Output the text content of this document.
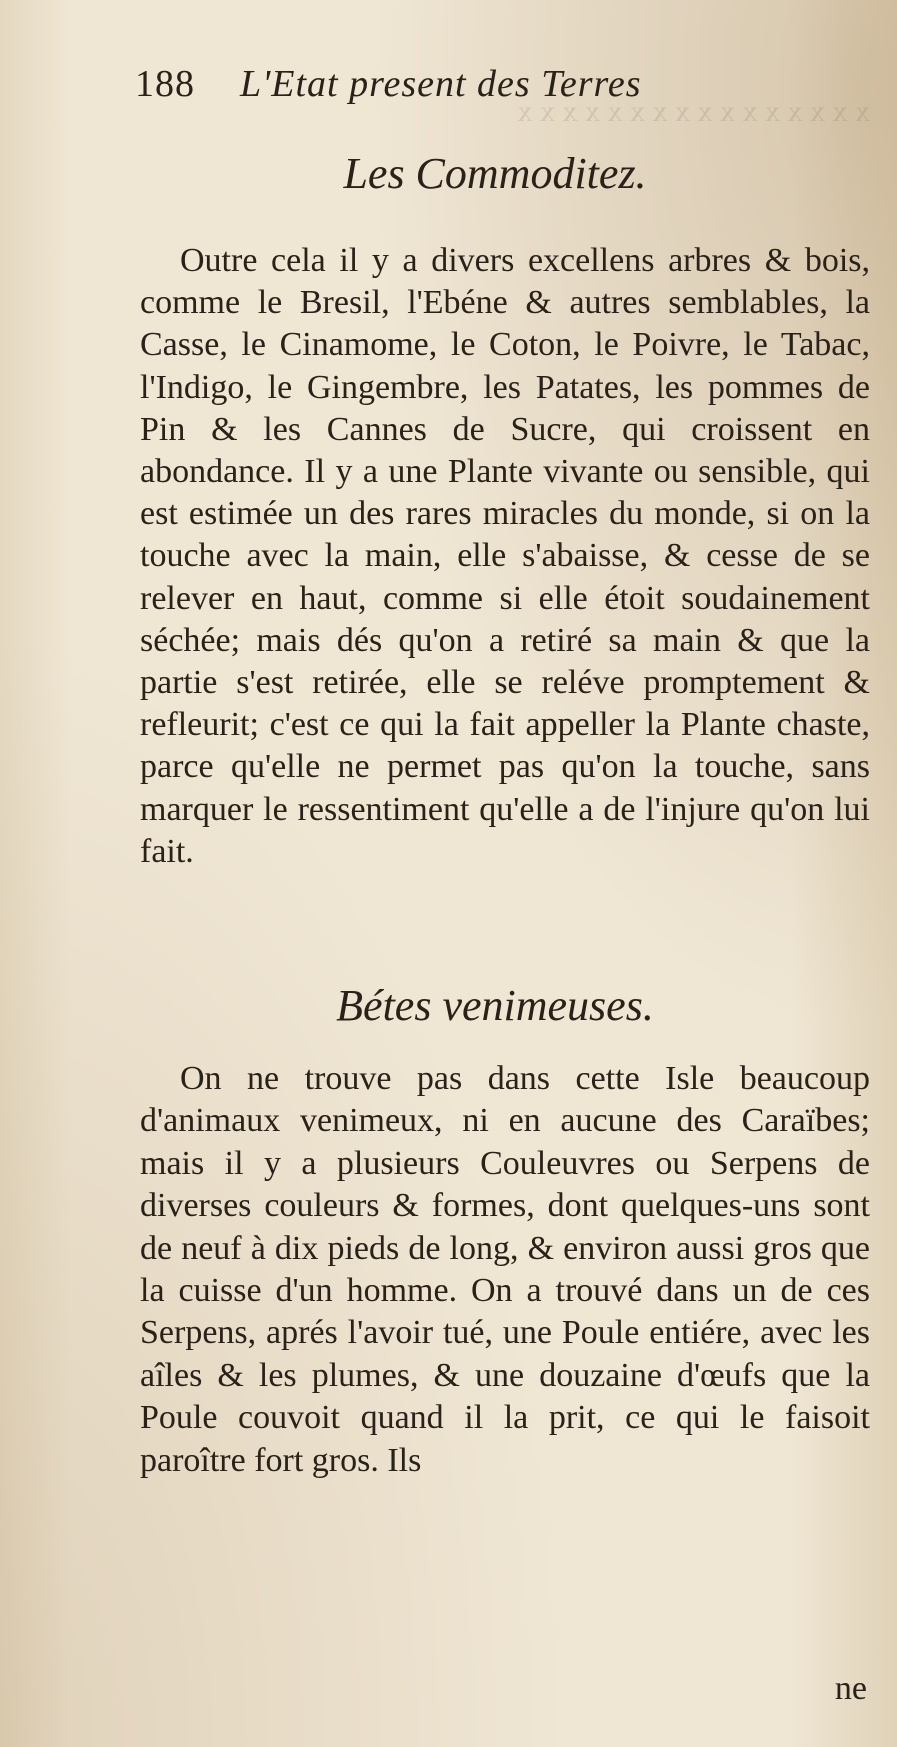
x x x x x x x x x x x x x x x x
188 L'Etat present des Terres
Les Commoditez.

Outre cela il y a divers excellens arbres & bois, comme le Bresil, l'Ebéne & autres semblables, la Casse, le Cinamome, le Coton, le Poivre, le Tabac, l'Indigo, le Gingembre, les Patates, les pommes de Pin & les Cannes de Sucre, qui croissent en abondance. Il y a une Plante vivante ou sensible, qui est estimée un des rares miracles du monde, si on la touche avec la main, elle s'abaisse, & cesse de se relever en haut, comme si elle étoit soudainement séchée; mais dés qu'on a retiré sa main & que la partie s'est retirée, elle se reléve promptement & refleurit; c'est ce qui la fait appeller la Plante chaste, parce qu'elle ne permet pas qu'on la touche, sans marquer le ressentiment qu'elle a de l'injure qu'on lui fait.

Bétes venimeuses.

On ne trouve pas dans cette Isle beaucoup d'animaux venimeux, ni en aucune des Caraïbes; mais il y a plusieurs Couleuvres ou Serpens de diverses couleurs & formes, dont quelques-uns sont de neuf à dix pieds de long, & environ aussi gros que la cuisse d'un homme. On a trouvé dans un de ces Serpens, aprés l'avoir tué, une Poule entiére, avec les aîles & les plumes, & une douzaine d'œufs que la Poule couvoit quand il la prit, ce qui le faisoit paroître fort gros. Ils

ne
